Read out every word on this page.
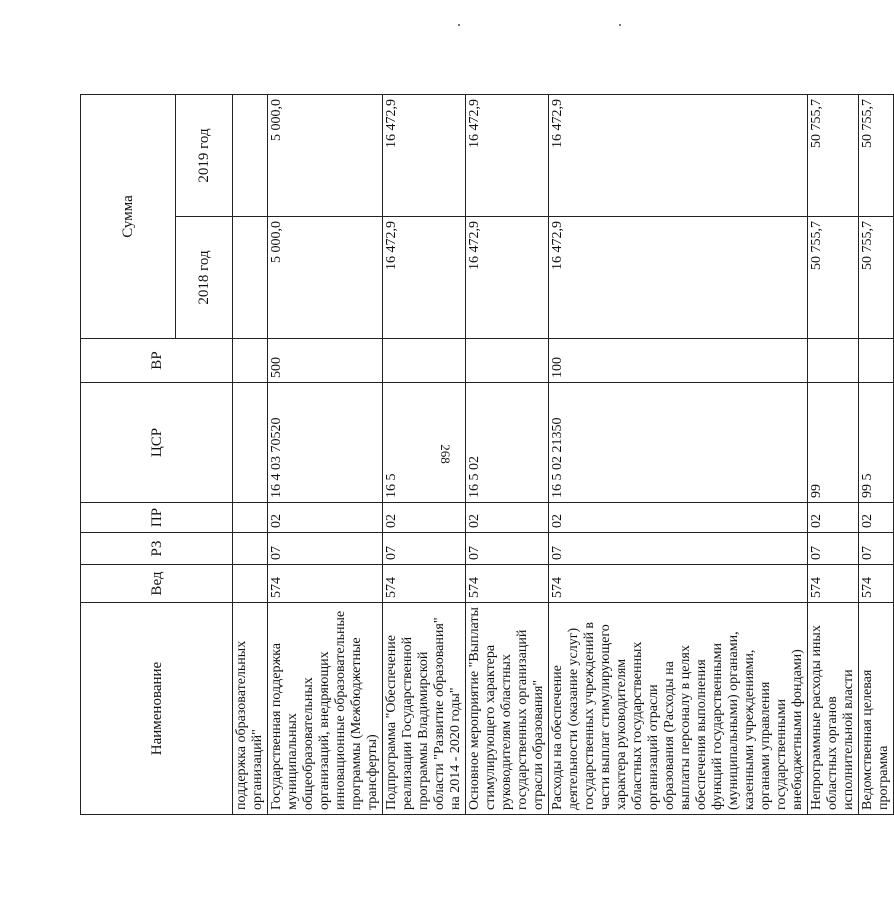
268
Наименование	Вед	РЗ	ПР	ЦСР	ВР	Сумма	
						2018 год	2019 год
поддержка образовательных организаций"							
Государственная поддержка муниципальных общеобразовательных организаций, внедряющих инновационные образовательные программы (Межбюджетные трансферты)	574	07	02	16 4 03 70520	500	5 000,0	5 000,0
Подпрограмма "Обеспечение реализации Государственной программы Владимирской области "Развитие образования" на 2014 - 2020 годы"	574	07	02	16 5		16 472,9	16 472,9
Основное мероприятие "Выплаты стимулирующего характера руководителям областных государственных организаций отрасли образования"	574	07	02	16 5 02		16 472,9	16 472,9
Расходы на обеспечение деятельности (оказание услуг) государственных учреждений в части выплат стимулирующего характера руководителям областных государственных организаций отрасли образования (Расходы на выплаты персоналу в целях обеспечения выполнения функций государственными (муниципальными) органами, казенными учреждениями, органами управления государственными внебюджетными фондами)	574	07	02	16 5 02 21350	100	16 472,9	16 472,9
Непрограммные расходы иных областных органов исполнительной власти	574	07	02	99		50 755,7	50 755,7
Ведомственная целевая программа	574	07	02	99 5		50 755,7	50 755,7
